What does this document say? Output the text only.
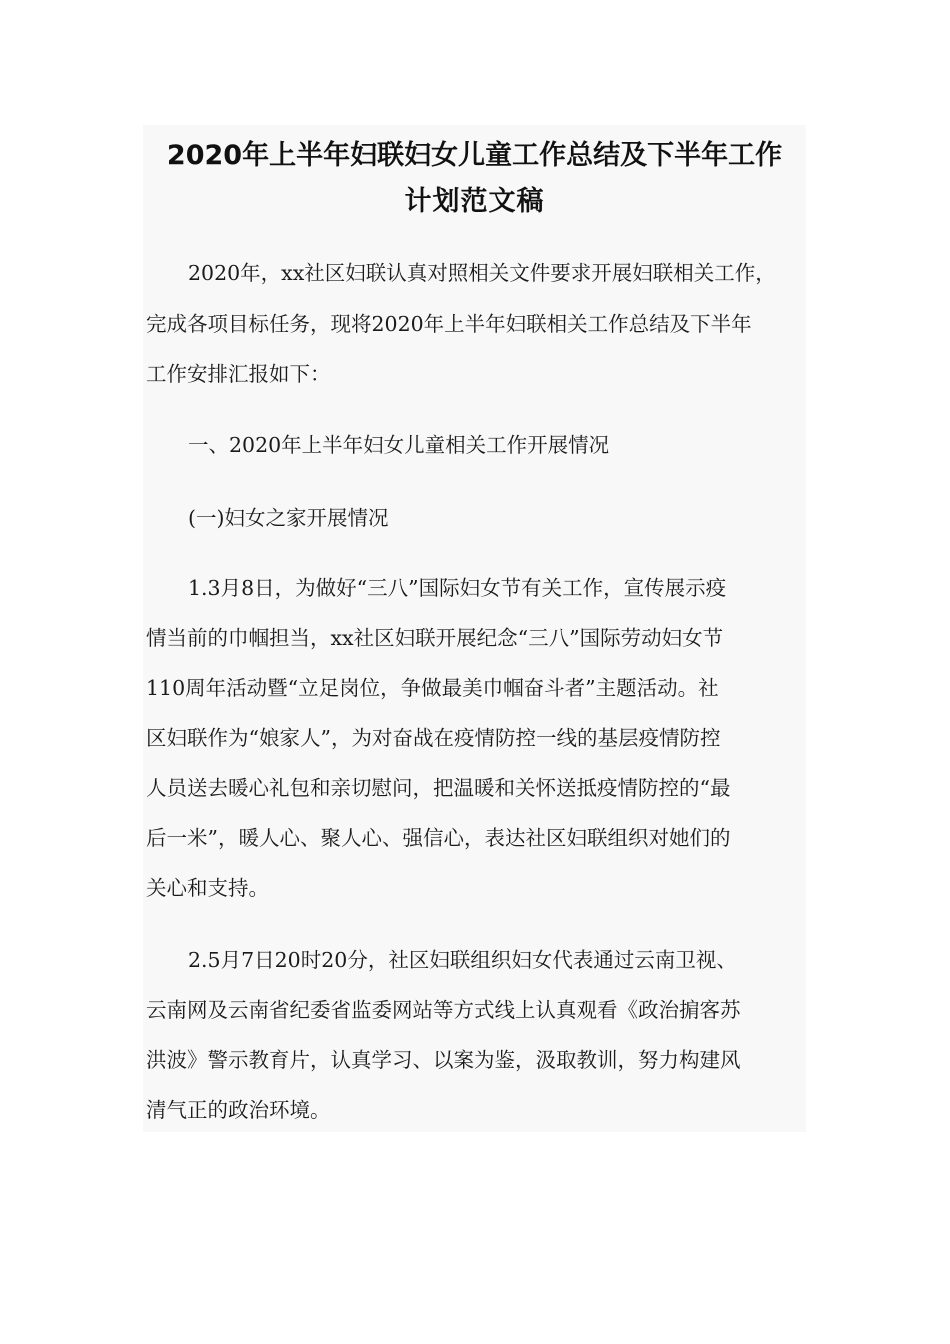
2020年上半年妇联妇女儿童工作总结及下半年工作
计划范文稿
2020年，xx社区妇联认真对照相关文件要求开展妇联相关工作，
完成各项目标任务，现将2020年上半年妇联相关工作总结及下半年
工作安排汇报如下：
一、2020年上半年妇女儿童相关工作开展情况
(一)妇女之家开展情况
1.3月8日，为做好“三八”国际妇女节有关工作，宣传展示疫
情当前的巾帼担当，xx社区妇联开展纪念“三八”国际劳动妇女节
110周年活动暨“立足岗位，争做最美巾帼奋斗者”主题活动。社
区妇联作为“娘家人”，为对奋战在疫情防控一线的基层疫情防控
人员送去暖心礼包和亲切慰问，把温暖和关怀送抵疫情防控的“最
后一米”，暖人心、聚人心、强信心，表达社区妇联组织对她们的
关心和支持。
2.5月7日20时20分，社区妇联组织妇女代表通过云南卫视、
云南网及云南省纪委省监委网站等方式线上认真观看《政治掮客苏
洪波》警示教育片，认真学习、以案为鉴，汲取教训，努力构建风
清气正的政治环境。
